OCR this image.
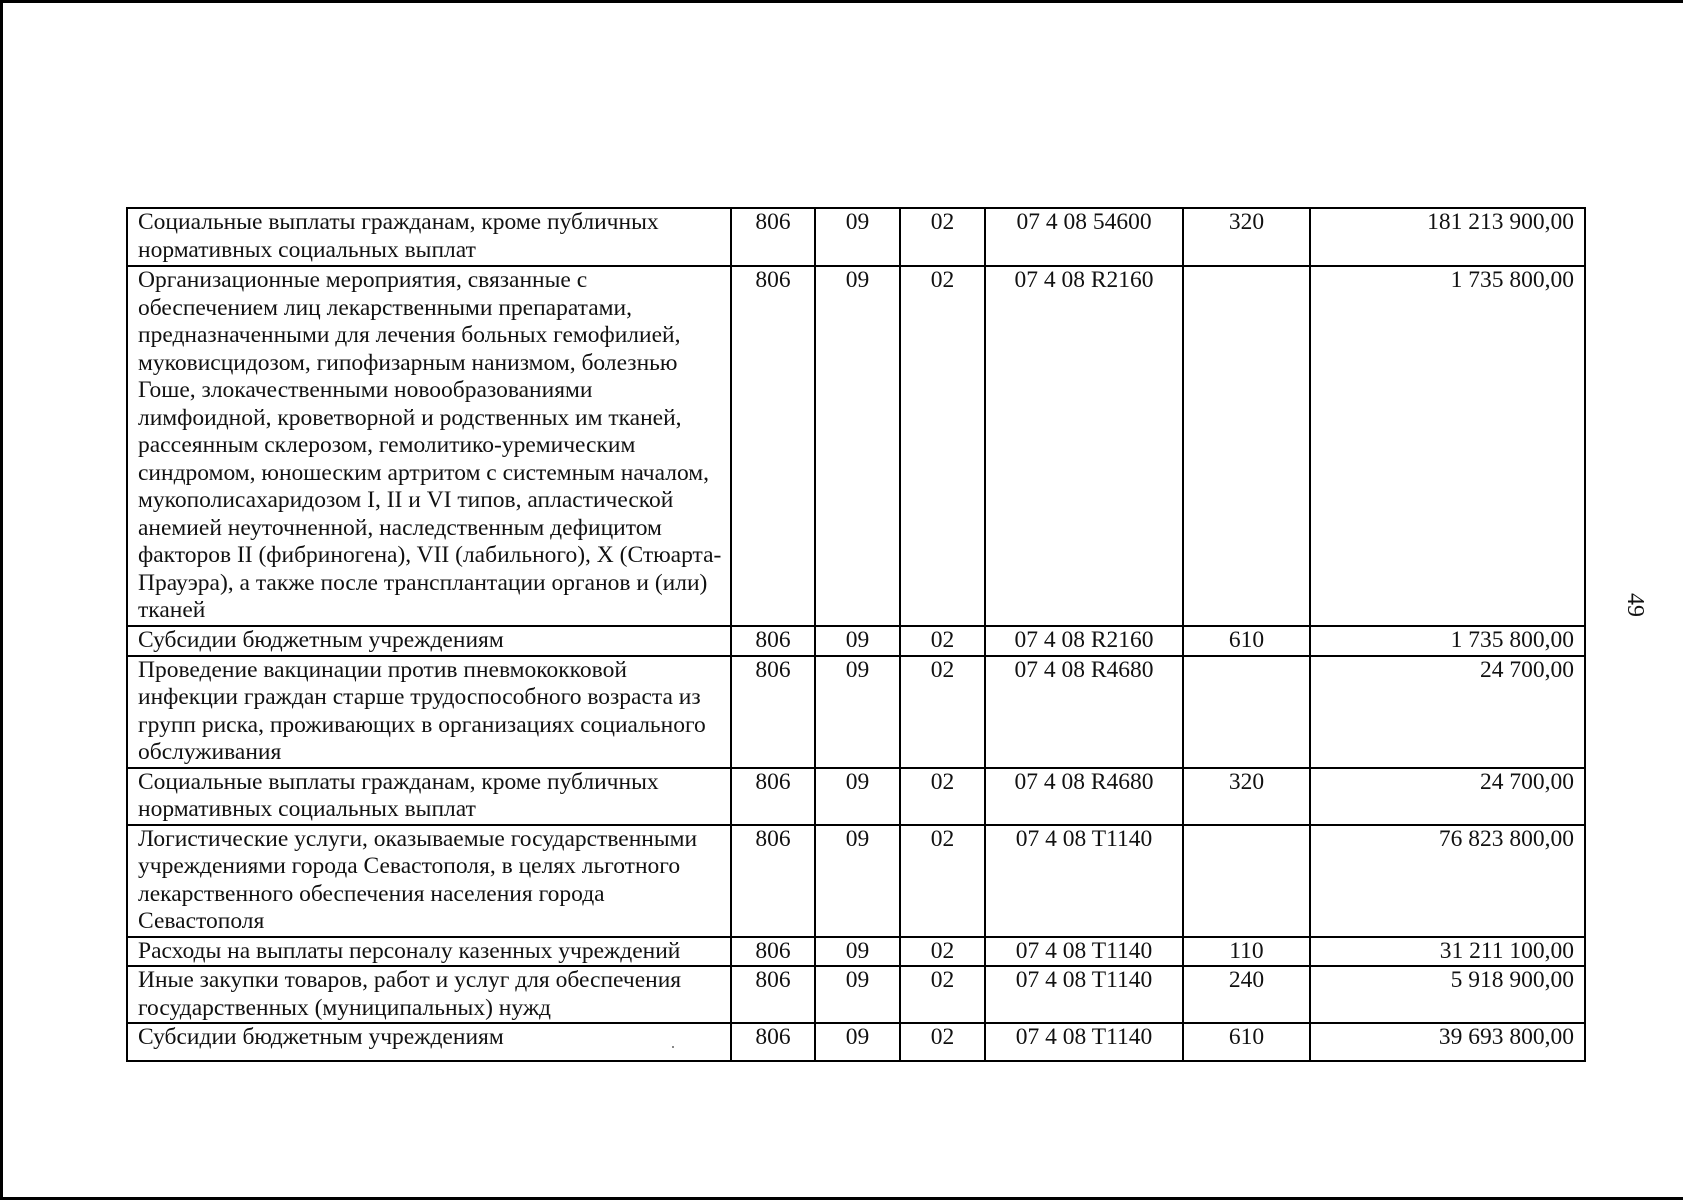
Социальные выплаты гражданам, кроме публичных нормативных социальных выплат	806	09	02	07 4 08 54600	320	181 213 900,00
Организационные мероприятия, связанные с обеспечением лиц лекарственными препаратами, предназначенными для лечения больных гемофилией, муковисцидозом, гипофизарным нанизмом, болезнью Гоше, злокачественными новообразованиями лимфоидной, кроветворной и родственных им тканей, рассеянным склерозом, гемолитико-уремическим синдромом, юношеским артритом с системным началом, мукополисахаридозом I, II и VI типов, апластической анемией неуточненной, наследственным дефицитом факторов II (фибриногена), VII (лабильного), X (Стюарта-Прауэра), а также после трансплантации органов и (или) тканей	806	09	02	07 4 08 R2160		1 735 800,00
Субсидии бюджетным учреждениям	806	09	02	07 4 08 R2160	610	1 735 800,00
Проведение вакцинации против пневмококковой инфекции граждан старше трудоспособного возраста из групп риска, проживающих в организациях социального обслуживания	806	09	02	07 4 08 R4680		24 700,00
Социальные выплаты гражданам, кроме публичных нормативных социальных выплат	806	09	02	07 4 08 R4680	320	24 700,00
Логистические услуги, оказываемые государственными учреждениями города Севастополя, в целях льготного лекарственного обеспечения населения города Севастополя	806	09	02	07 4 08 T1140		76 823 800,00
Расходы на выплаты персоналу казенных учреждений	806	09	02	07 4 08 T1140	110	31 211 100,00
Иные закупки товаров, работ и услуг для обеспечения государственных (муниципальных) нужд	806	09	02	07 4 08 T1140	240	5 918 900,00
Субсидии бюджетным учреждениям	806	09	02	07 4 08 T1140	610	39 693 800,00
49
